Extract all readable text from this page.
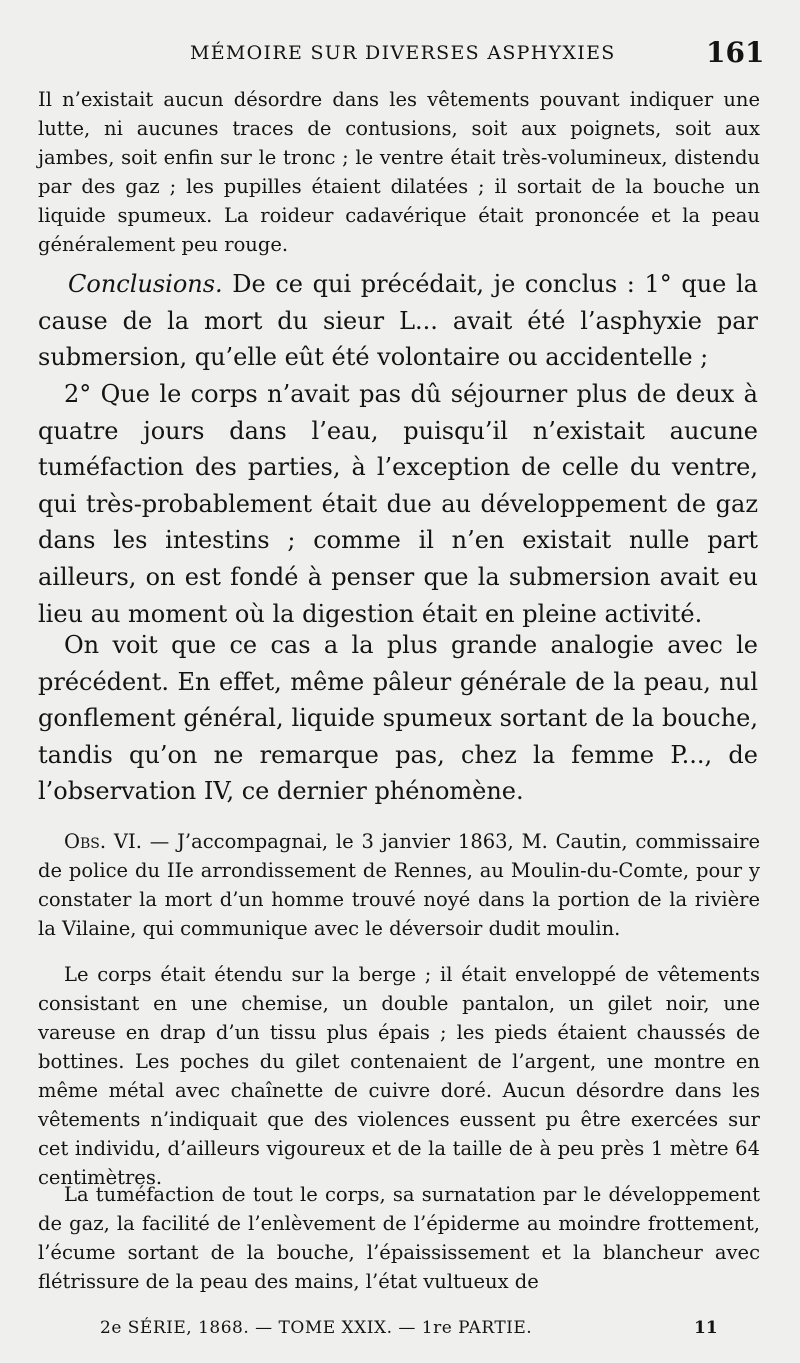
MÉMOIRE SUR DIVERSES ASPHYXIES	161

Il n’existait aucun désordre dans les vêtements pouvant indiquer une lutte, ni aucunes traces de contusions, soit aux poignets, soit aux jambes, soit enfin sur le tronc ; le ventre était très-volumineux, distendu par des gaz ; les pupilles étaient dilatées ; il sortait de la bouche un liquide spumeux. La roideur cadavérique était prononcée et la peau généralement peu rouge.

Conclusions. De ce qui précédait, je conclus : 1° que la cause de la mort du sieur L... avait été l’asphyxie par submersion, qu’elle eût été volontaire ou accidentelle ;

2° Que le corps n’avait pas dû séjourner plus de deux à quatre jours dans l’eau, puisqu’il n’existait aucune tuméfaction des parties, à l’exception de celle du ventre, qui très-probablement était due au développement de gaz dans les intestins ; comme il n’en existait nulle part ailleurs, on est fondé à penser que la submersion avait eu lieu au moment où la digestion était en pleine activité.

On voit que ce cas a la plus grande analogie avec le précédent. En effet, même pâleur générale de la peau, nul gonflement général, liquide spumeux sortant de la bouche, tandis qu’on ne remarque pas, chez la femme P..., de l’observation IV, ce dernier phénomène.

Obs. VI. — J’accompagnai, le 3 janvier 1863, M. Cautin, commissaire de police du IIe arrondissement de Rennes, au Moulin-du-Comte, pour y constater la mort d’un homme trouvé noyé dans la portion de la rivière la Vilaine, qui communique avec le déversoir dudit moulin.

Le corps était étendu sur la berge ; il était enveloppé de vêtements consistant en une chemise, un double pantalon, un gilet noir, une vareuse en drap d’un tissu plus épais ; les pieds étaient chaussés de bottines. Les poches du gilet contenaient de l’argent, une montre en même métal avec chaînette de cuivre doré. Aucun désordre dans les vêtements n’indiquait que des violences eussent pu être exercées sur cet individu, d’ailleurs vigoureux et de la taille de à peu près 1 mètre 64 centimètres.

La tuméfaction de tout le corps, sa surnatation par le développement de gaz, la facilité de l’enlèvement de l’épiderme au moindre frottement, l’écume sortant de la bouche, l’épaississement et la blancheur avec flétrissure de la peau des mains, l’état vultueux de

2e SÉRIE, 1868. — TOME XXIX. — 1re PARTIE.	11
